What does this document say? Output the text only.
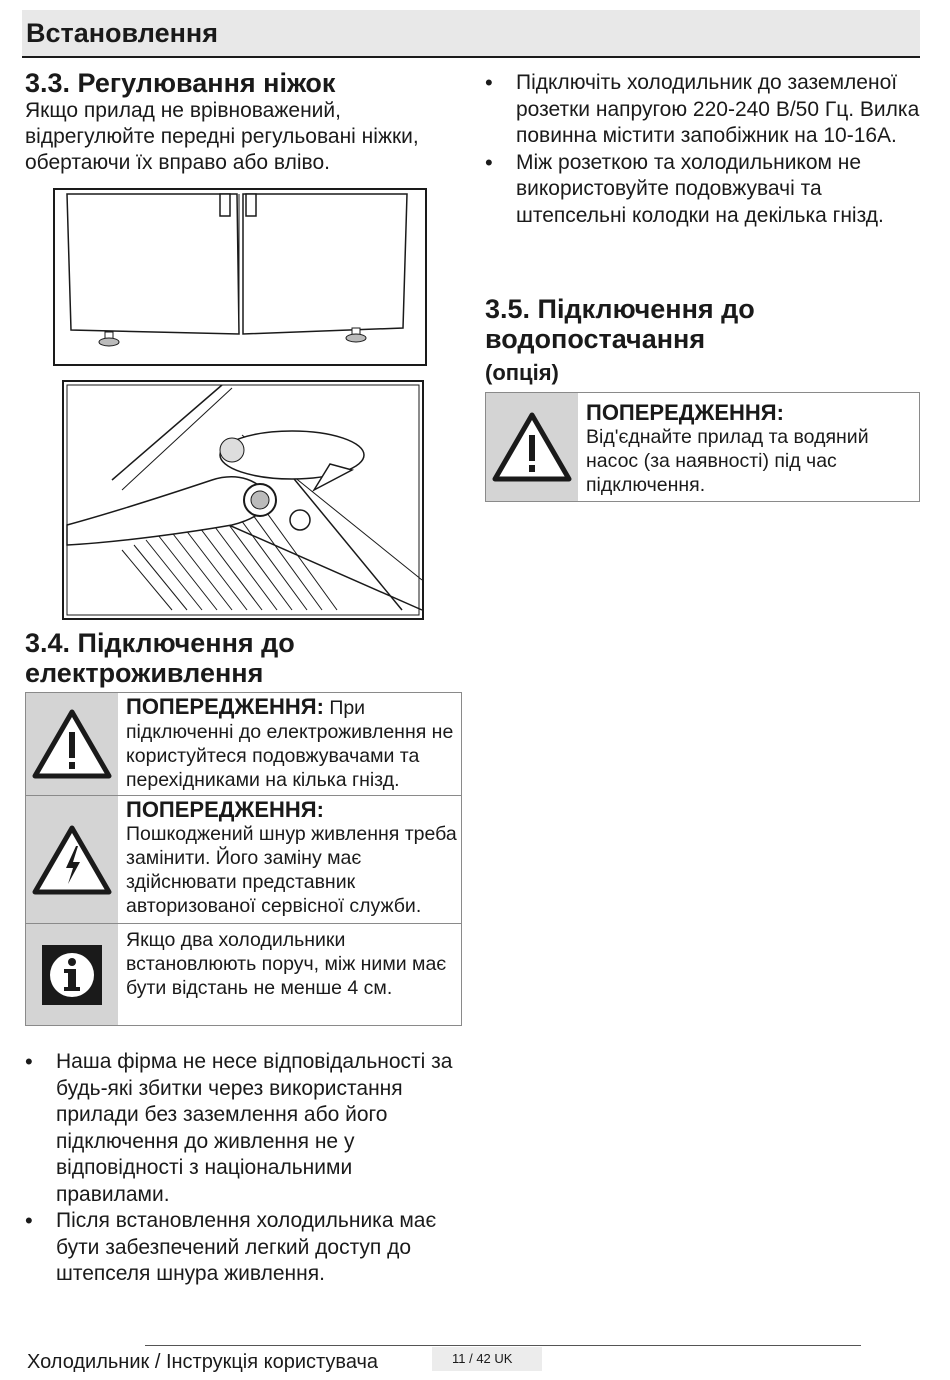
Встановлення
3.3. Регулювання ніжок

Якщо прилад не врівноважений, відрегулюйте передні регульовані ніжки, обертаючи їх вправо або вліво.

3.4. Підключення до
електроживлення
ПОПЕРЕДЖЕННЯ: При підключенні до електроживлення не користуйтеся подовжувачами та перехідниками на кілька гнізд.
ПОПЕРЕДЖЕННЯ:
Пошкоджений шнур живлення треба замінити. Його заміну має здійснювати представник авторизованої сервісної служби.
Якщо два холодильники встановлюють поруч, між ними має бути відстань не менше 4 см.
• Наша фірма не несе відповідальності за будь-які збитки через використання прилади без заземлення або його підключення до живлення не у відповідності з національними правилами.
• Після встановлення холодильника має бути забезпечений легкий доступ до штепселя шнура живлення.
• Підключіть холодильник до заземленої розетки напругою 220-240 В/50 Гц. Вилка повинна містити запобіжник на 10-16А.
• Між розеткою та холодильником не використовуйте подовжувачі та штепсельні колодки на декілька гнізд.
3.5. Підключення до
водопостачання
(опція)
ПОПЕРЕДЖЕННЯ:
Від'єднайте прилад та водяний насос (за наявності) під час підключення.
Холодильник / Інструкція користувача	11 / 42 UK
